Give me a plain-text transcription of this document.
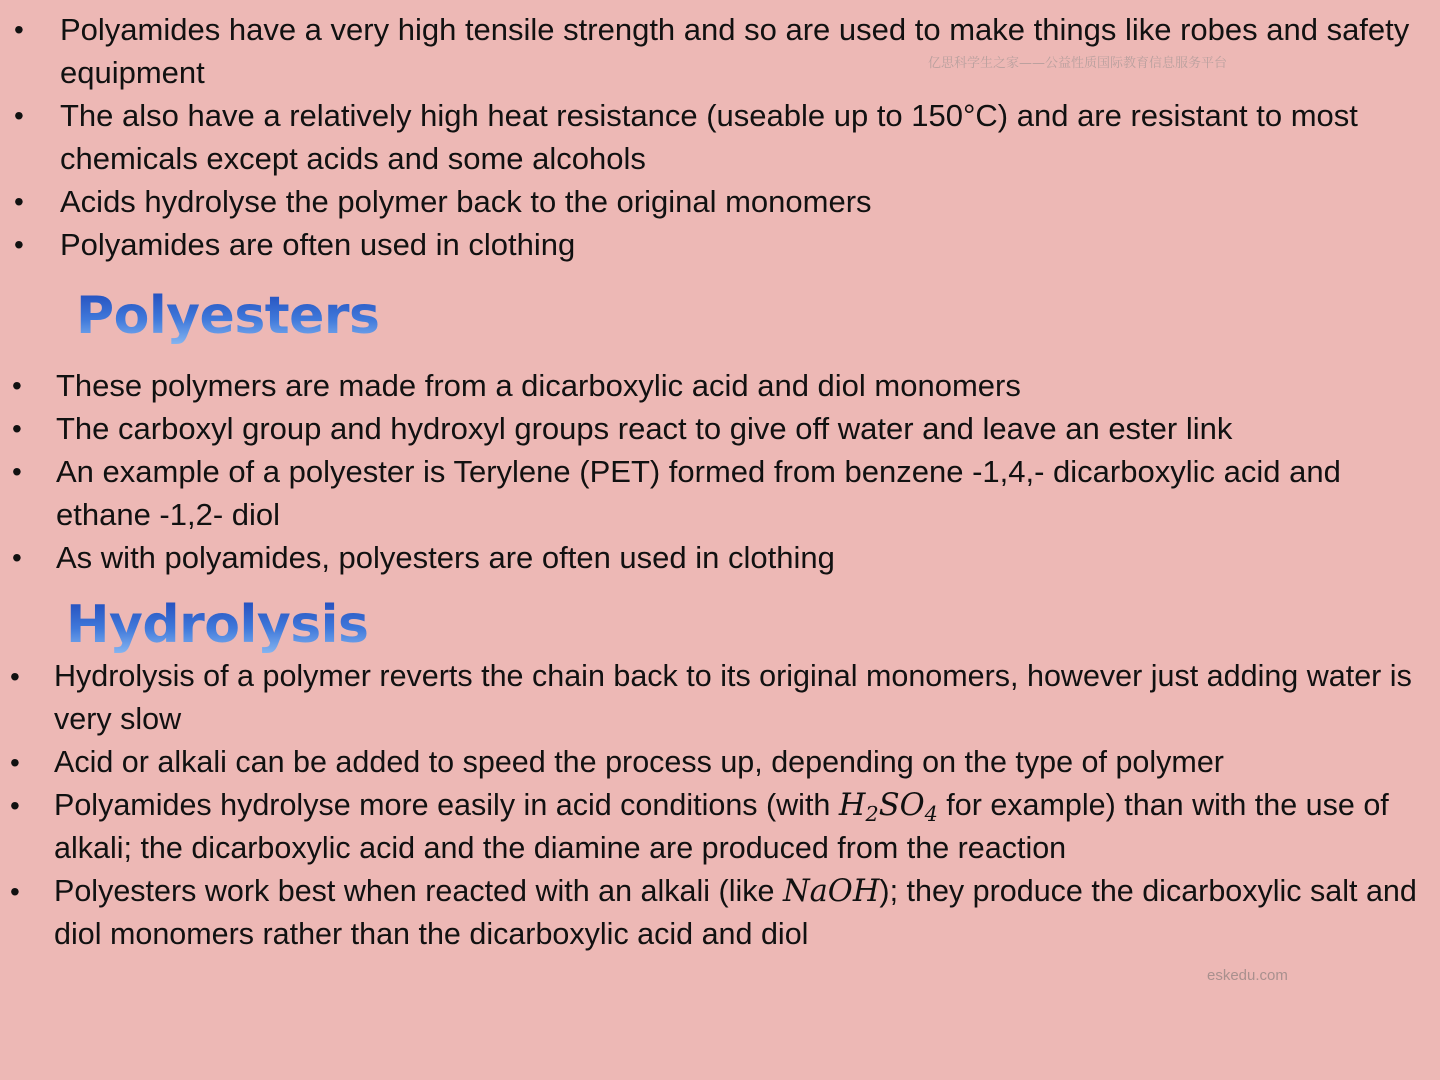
• Polyamides have a very high tensile strength and so are used to make things like robes and safety equipment
• The also have a relatively high heat resistance (useable up to 150°C) and are resistant to most chemicals except acids and some alcohols
• Acids hydrolyse the polymer back to the original monomers
• Polyamides are often used in clothing
亿思科学生之家——公益性质国际教育信息服务平台
Polyesters
• These polymers are made from a dicarboxylic acid and diol monomers
• The carboxyl group and hydroxyl groups react to give off water and leave an ester link
• An example of a polyester is Terylene (PET) formed from benzene -1,4,- dicarboxylic acid and ethane -1,2- diol
• As with polyamides, polyesters are often used in clothing
Hydrolysis
• Hydrolysis of a polymer reverts the chain back to its original monomers, however just adding water is very slow
• Acid or alkali can be added to speed the process up, depending on the type of polymer
• Polyamides hydrolyse more easily in acid conditions (with $H_2SO_4$ for example) than with the use of alkali; the dicarboxylic acid and the diamine are produced from the reaction
• Polyesters work best when reacted with an alkali (like NaOH); they produce the dicarboxylic salt and diol monomers rather than the dicarboxylic acid and diol
eskedu.com
